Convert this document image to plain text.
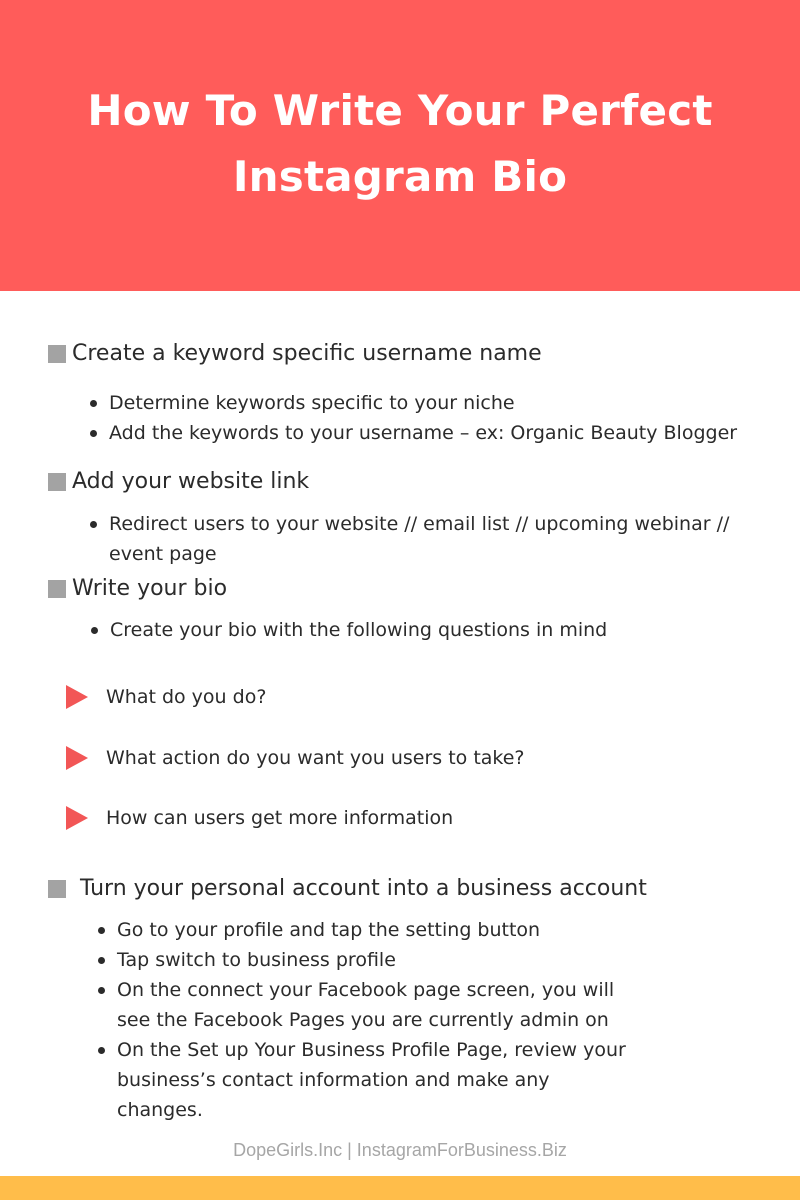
How To Write Your Perfect
Instagram Bio
Create a keyword specific username name
Determine keywords specific to your niche
Add the keywords to your username – ex: Organic Beauty Blogger
Add your website link
Redirect users to your website // email list // upcoming webinar // event page
Write your bio
Create your bio with the following questions in mind
What do you do?
What action do you want you users to take?
How can users get more information
Turn your personal account into a business account
Go to your profile and tap the setting button
Tap switch to business profile
On the connect your Facebook page screen, you will see the Facebook Pages you are currently admin on
On the Set up Your Business Profile Page, review your business’s contact information and make any changes.
DopeGirls.Inc | InstagramForBusiness.Biz
